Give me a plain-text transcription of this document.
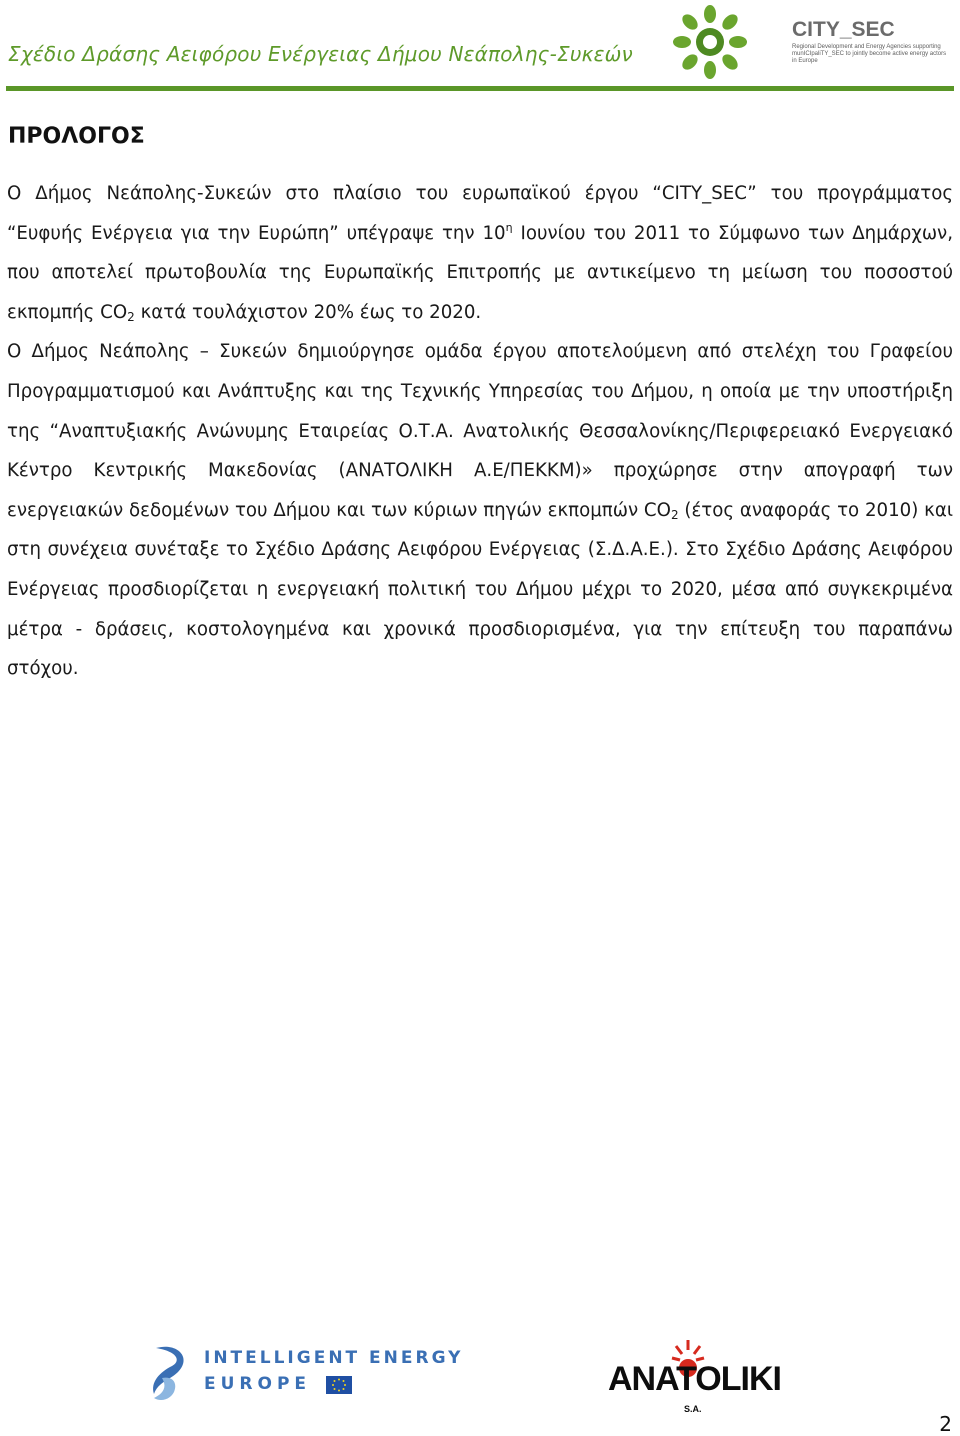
Σχέδιο Δράσης Αειφόρου Ενέργειας Δήμου Νεάπολης-Συκεών
CITY_SEC
Regional Development and Energy Agencies supporting munICIpaliTY_SEC to jointly become active energy actors in Europe
ΠΡΟΛΟΓΟΣ

Ο Δήμος Νεάπολης-Συκεών στο πλαίσιο του ευρωπαϊκού έργου “CITY_SEC” του προγράμματος “Ευφυής Ενέργεια για την Ευρώπη” υπέγραψε την $10^\eta$ Ιουνίου του 2011 το Σύμφωνο των Δημάρχων, που αποτελεί πρωτοβουλία της Ευρωπαϊκής Επιτροπής με αντικείμενο τη μείωση του ποσοστού εκπομπής $CO_2$ κατά τουλάχιστον 20% έως το 2020.

Ο Δήμος Νεάπολης – Συκεών δημιούργησε ομάδα έργου αποτελούμενη από στελέχη του Γραφείου Προγραμματισμού και Ανάπτυξης και της Τεχνικής Υπηρεσίας του Δήμου, η οποία με την υποστήριξη της “Αναπτυξιακής Ανώνυμης Εταιρείας Ο.Τ.Α. Ανατολικής Θεσσαλονίκης/Περιφερειακό Ενεργειακό Κέντρο Κεντρικής Μακεδονίας (ΑΝΑΤΟΛΙΚΗ Α.Ε/ΠΕΚΚΜ)» προχώρησε στην απογραφή των ενεργειακών δεδομένων του Δήμου και των κύριων πηγών εκπομπών $CO_2$ (έτος αναφοράς το 2010) και στη συνέχεια συνέταξε το Σχέδιο Δράσης Αειφόρου Ενέργειας (Σ.Δ.Α.Ε.). Στο Σχέδιο Δράσης Αειφόρου Ενέργειας προσδιορίζεται η ενεργειακή πολιτική του Δήμου μέχρι το 2020, μέσα από συγκεκριμένα μέτρα - δράσεις, κοστολογημένα και χρονικά προσδιορισμένα, για την επίτευξη του παραπάνω στόχου.

INTELLIGENT ENERGY
EUROPE	ANATOLIKI
S.A.
2
